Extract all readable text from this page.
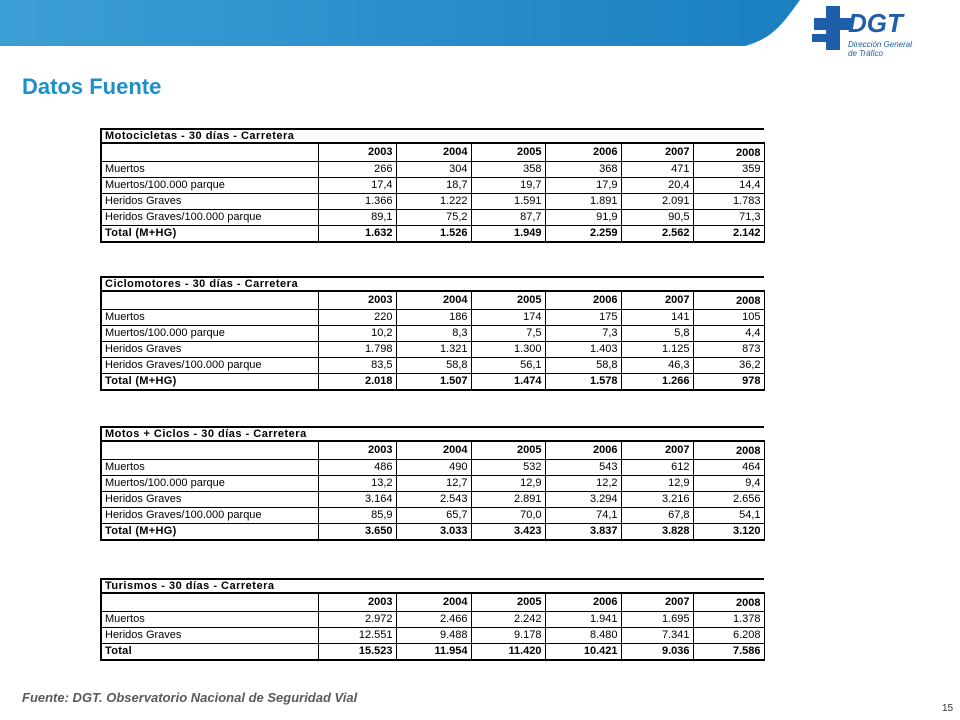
DGT
Dirección General
de Tráfico
Datos Fuente
Motocicletas - 30 días - Carretera						
	2003	2004	2005	2006	2007	2008
Muertos	266	304	358	368	471	359
Muertos/100.000 parque	17,4	18,7	19,7	17,9	20,4	14,4
Heridos Graves	1.366	1.222	1.591	1.891	2.091	1.783
Heridos Graves/100.000 parque	89,1	75,2	87,7	91,9	90,5	71,3
Total (M+HG)	1.632	1.526	1.949	2.259	2.562	2.142
Ciclomotores - 30 días - Carretera						
	2003	2004	2005	2006	2007	2008
Muertos	220	186	174	175	141	105
Muertos/100.000 parque	10,2	8,3	7,5	7,3	5,8	4,4
Heridos Graves	1.798	1.321	1.300	1.403	1.125	873
Heridos Graves/100.000 parque	83,5	58,8	56,1	58,8	46,3	36,2
Total (M+HG)	2.018	1.507	1.474	1.578	1.266	978
Motos + Ciclos - 30 días - Carretera						
	2003	2004	2005	2006	2007	2008
Muertos	486	490	532	543	612	464
Muertos/100.000 parque	13,2	12,7	12,9	12,2	12,9	9,4
Heridos Graves	3.164	2.543	2.891	3.294	3.216	2.656
Heridos Graves/100.000 parque	85,9	65,7	70,0	74,1	67,8	54,1
Total (M+HG)	3.650	3.033	3.423	3.837	3.828	3.120
Turismos - 30 días - Carretera						
	2003	2004	2005	2006	2007	2008
Muertos	2.972	2.466	2.242	1.941	1.695	1.378
Heridos Graves	12.551	9.488	9.178	8.480	7.341	6.208
Total	15.523	11.954	11.420	10.421	9.036	7.586

Fuente: DGT. Observatorio Nacional de Seguridad Vial

15
